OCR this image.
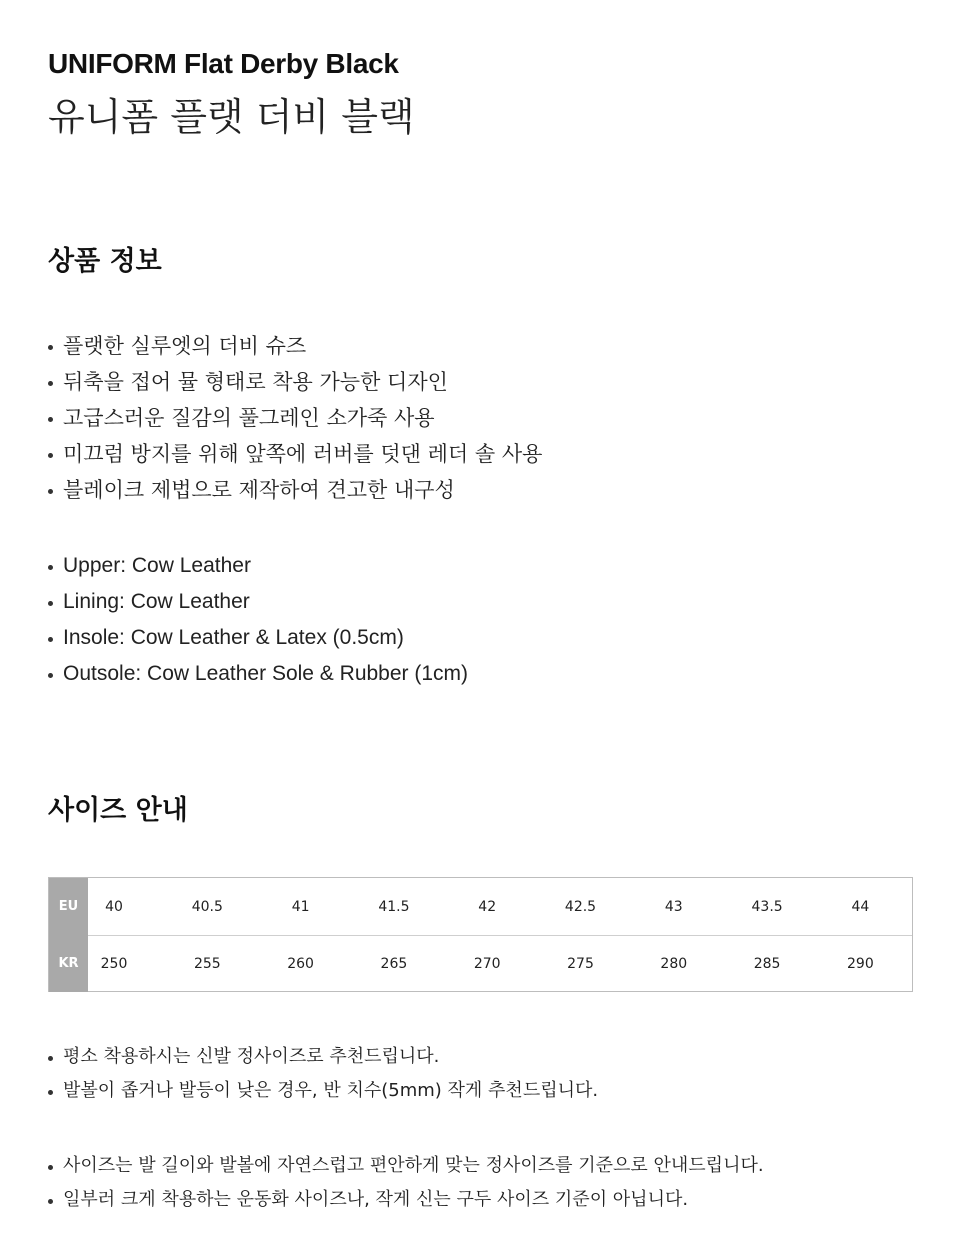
UNIFORM Flat Derby Black
유니폼 플랫 더비 블랙
상품 정보
플랫한 실루엣의 더비 슈즈
뒤축을 접어 뮬 형태로 착용 가능한 디자인
고급스러운 질감의 풀그레인 소가죽 사용
미끄럼 방지를 위해 앞쪽에 러버를 덧댄 레더 솔 사용
블레이크 제법으로 제작하여 견고한 내구성
Upper: Cow Leather
Lining: Cow Leather
Insole: Cow Leather & Latex (0.5cm)
Outsole: Cow Leather Sole & Rubber (1cm)
사이즈 안내
EU	40	40.5	41	41.5	42	42.5	43	43.5	44
KR	250	255	260	265	270	275	280	285	290
평소 착용하시는 신발 정사이즈로 추천드립니다.
발볼이 좁거나 발등이 낮은 경우, 반 치수(5mm) 작게 추천드립니다.
사이즈는 발 길이와 발볼에 자연스럽고 편안하게 맞는 정사이즈를 기준으로 안내드립니다.
일부러 크게 착용하는 운동화 사이즈나, 작게 신는 구두 사이즈 기준이 아닙니다.
